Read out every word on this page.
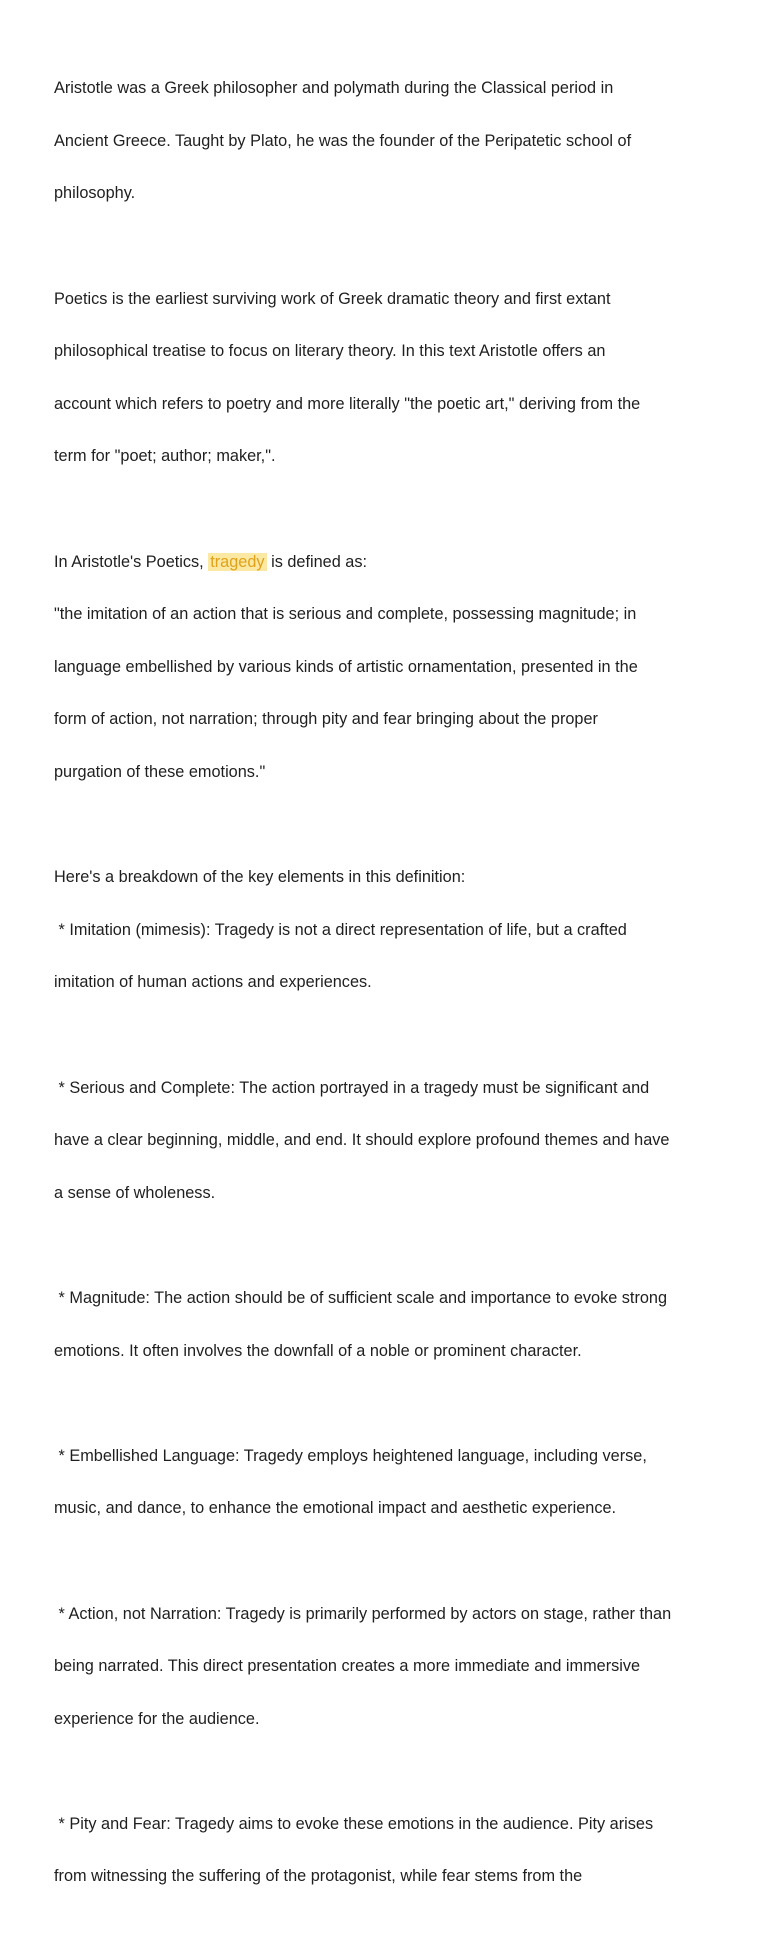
Aristotle was a Greek philosopher and polymath during the Classical period in

Ancient Greece. Taught by Plato, he was the founder of the Peripatetic school of

philosophy.

Poetics is the earliest surviving work of Greek dramatic theory and first extant

philosophical treatise to focus on literary theory. In this text Aristotle offers an

account which refers to poetry and more literally "the poetic art," deriving from the

term for "poet; author; maker,".

In Aristotle's Poetics, tragedy is defined as:

"the imitation of an action that is serious and complete, possessing magnitude; in

language embellished by various kinds of artistic ornamentation, presented in the

form of action, not narration; through pity and fear bringing about the proper

purgation of these emotions."

Here's a breakdown of the key elements in this definition:

* Imitation (mimesis): Tragedy is not a direct representation of life, but a crafted

imitation of human actions and experiences.

* Serious and Complete: The action portrayed in a tragedy must be significant and

have a clear beginning, middle, and end. It should explore profound themes and have

a sense of wholeness.

* Magnitude: The action should be of sufficient scale and importance to evoke strong

emotions. It often involves the downfall of a noble or prominent character.

* Embellished Language: Tragedy employs heightened language, including verse,

music, and dance, to enhance the emotional impact and aesthetic experience.

* Action, not Narration: Tragedy is primarily performed by actors on stage, rather than

being narrated. This direct presentation creates a more immediate and immersive

experience for the audience.

* Pity and Fear: Tragedy aims to evoke these emotions in the audience. Pity arises

from witnessing the suffering of the protagonist, while fear stems from the
